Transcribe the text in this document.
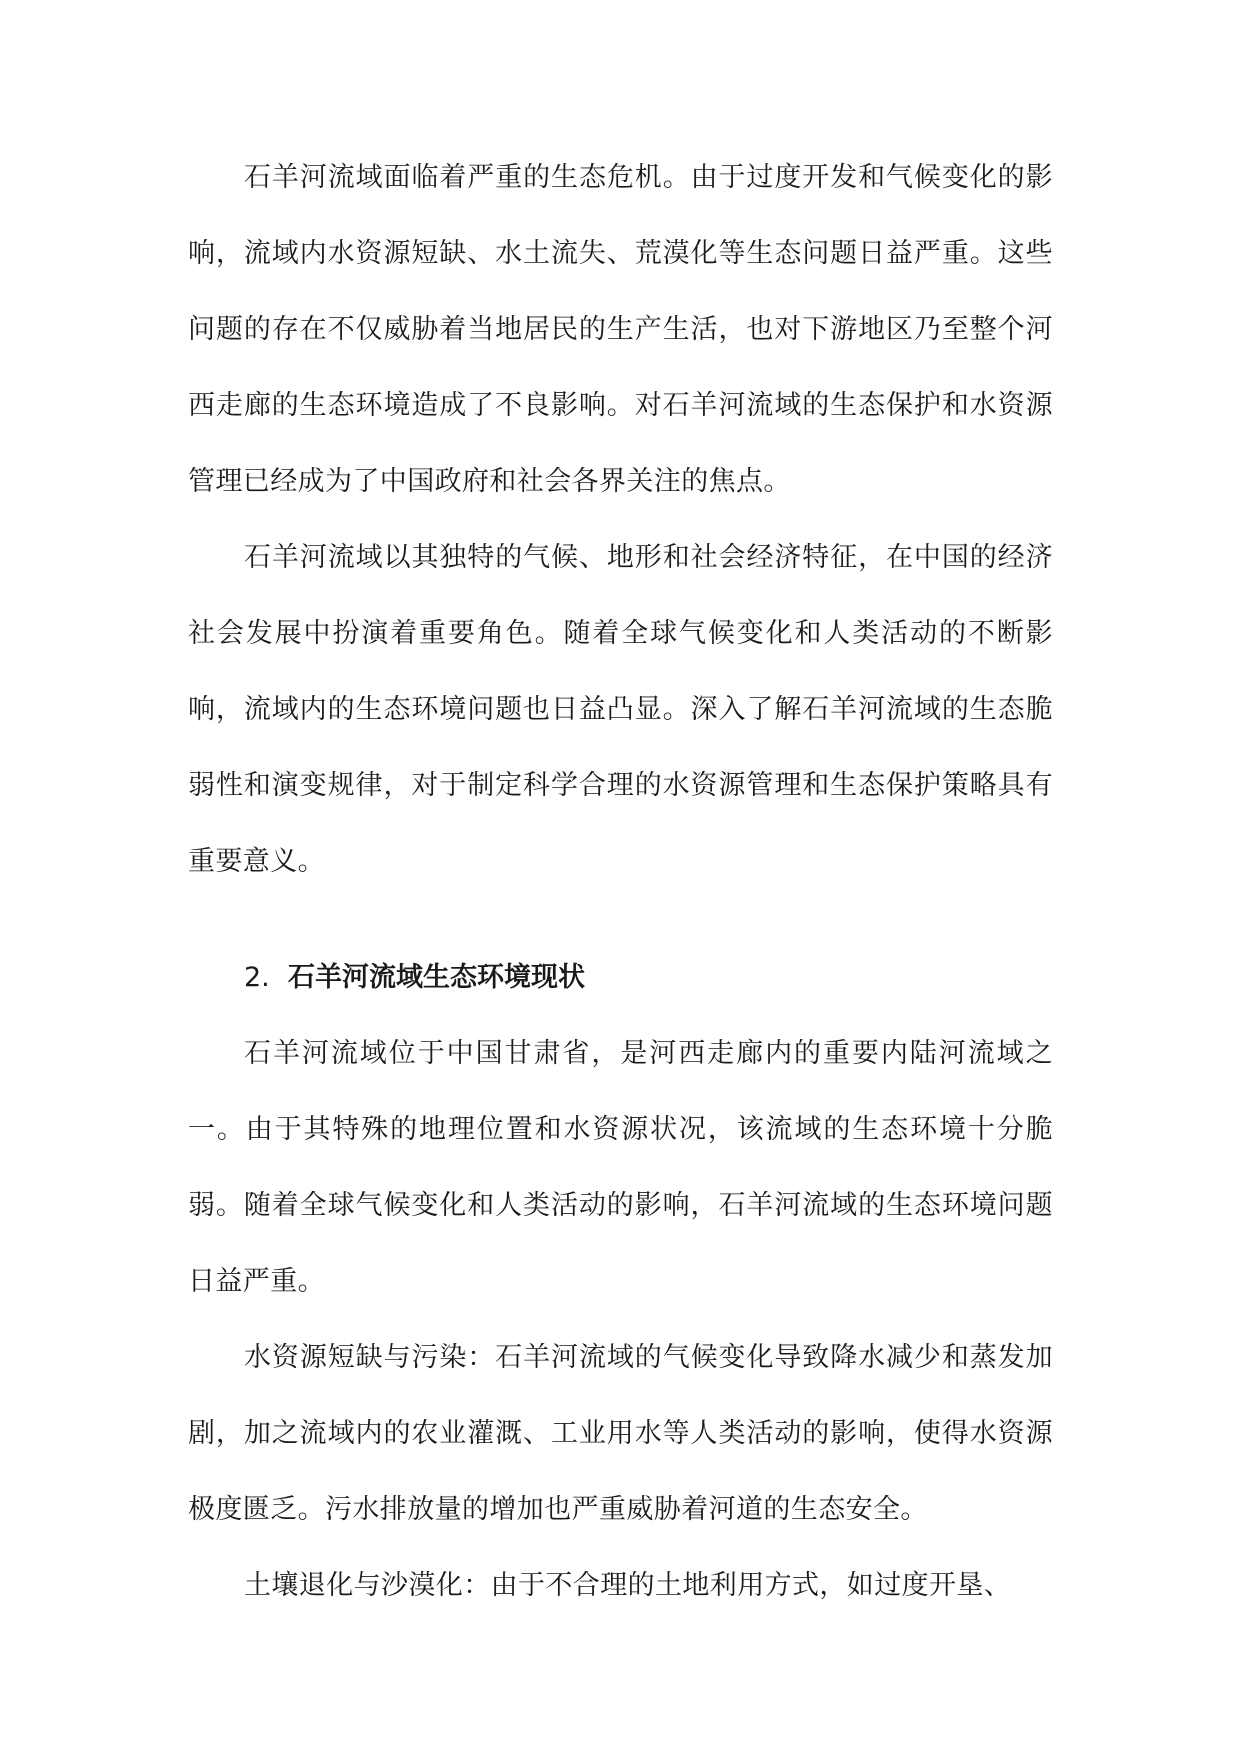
石羊河流域面临着严重的生态危机。由于过度开发和气候变化的影响，流域内水资源短缺、水土流失、荒漠化等生态问题日益严重。这些问题的存在不仅威胁着当地居民的生产生活，也对下游地区乃至整个河西走廊的生态环境造成了不良影响。对石羊河流域的生态保护和水资源管理已经成为了中国政府和社会各界关注的焦点。

石羊河流域以其独特的气候、地形和社会经济特征，在中国的经济社会发展中扮演着重要角色。随着全球气候变化和人类活动的不断影响，流域内的生态环境问题也日益凸显。深入了解石羊河流域的生态脆弱性和演变规律，对于制定科学合理的水资源管理和生态保护策略具有重要意义。

2. 石羊河流域生态环境现状

石羊河流域位于中国甘肃省，是河西走廊内的重要内陆河流域之一。由于其特殊的地理位置和水资源状况，该流域的生态环境十分脆弱。随着全球气候变化和人类活动的影响，石羊河流域的生态环境问题日益严重。

水资源短缺与污染：石羊河流域的气候变化导致降水减少和蒸发加剧，加之流域内的农业灌溉、工业用水等人类活动的影响，使得水资源极度匮乏。污水排放量的增加也严重威胁着河道的生态安全。

土壤退化与沙漠化：由于不合理的土地利用方式，如过度开垦、
